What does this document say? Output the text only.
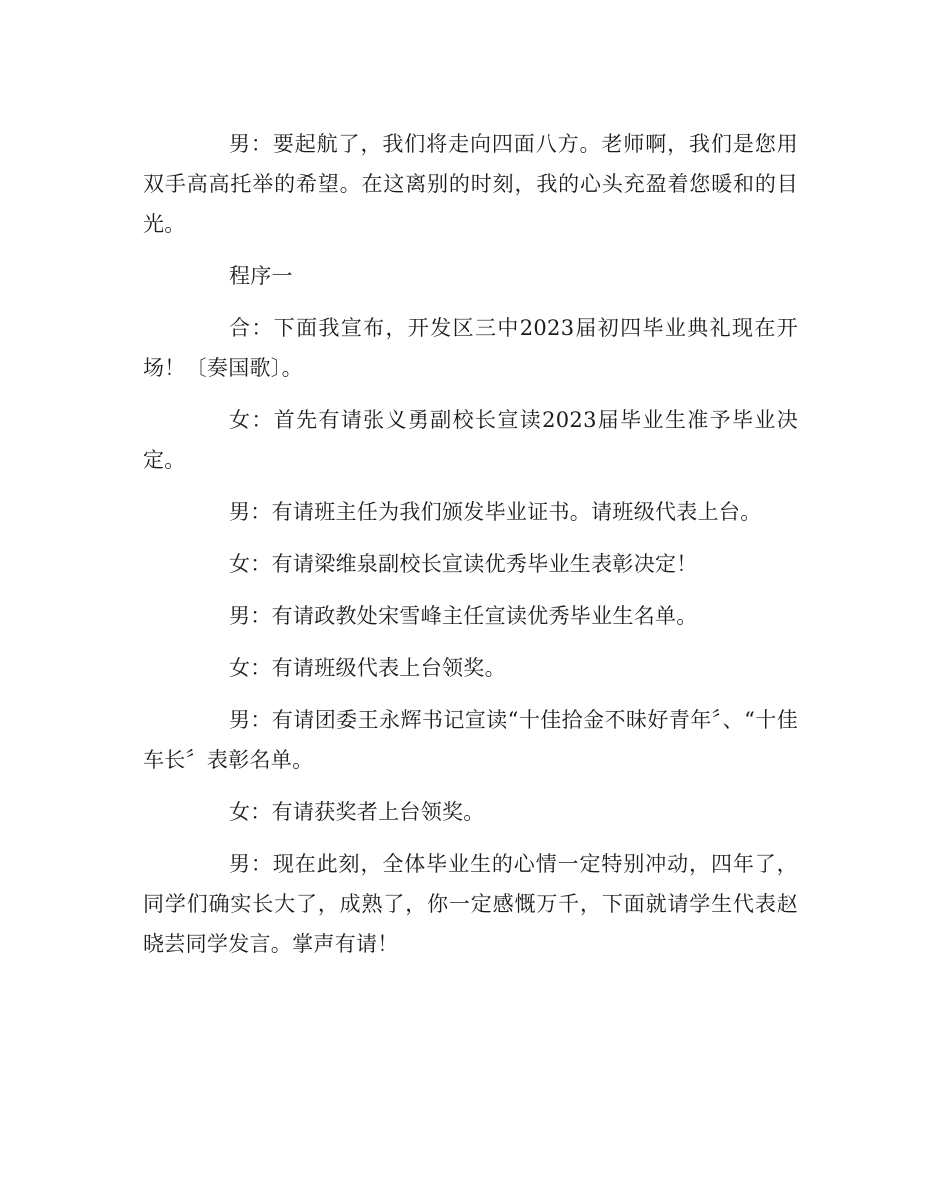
男：要起航了，我们将走向四面八方。老师啊，我们是您用双手高高托举的希望。在这离别的时刻，我的心头充盈着您暖和的目光。

程序一

合：下面我宣布，开发区三中2023届初四毕业典礼现在开场！〔奏国歌〕。

女：首先有请张义勇副校长宣读2023届毕业生准予毕业决定。

男：有请班主任为我们颁发毕业证书。请班级代表上台。

女：有请梁维泉副校长宣读优秀毕业生表彰决定！

男：有请政教处宋雪峰主任宣读优秀毕业生名单。

女：有请班级代表上台领奖。

男：有请团委王永辉书记宣读“十佳拾金不昧好青年〞、“十佳车长〞表彰名单。

女：有请获奖者上台领奖。

男：现在此刻，全体毕业生的心情一定特别冲动，四年了，同学们确实长大了，成熟了，你一定感慨万千，下面就请学生代表赵晓芸同学发言。掌声有请！
